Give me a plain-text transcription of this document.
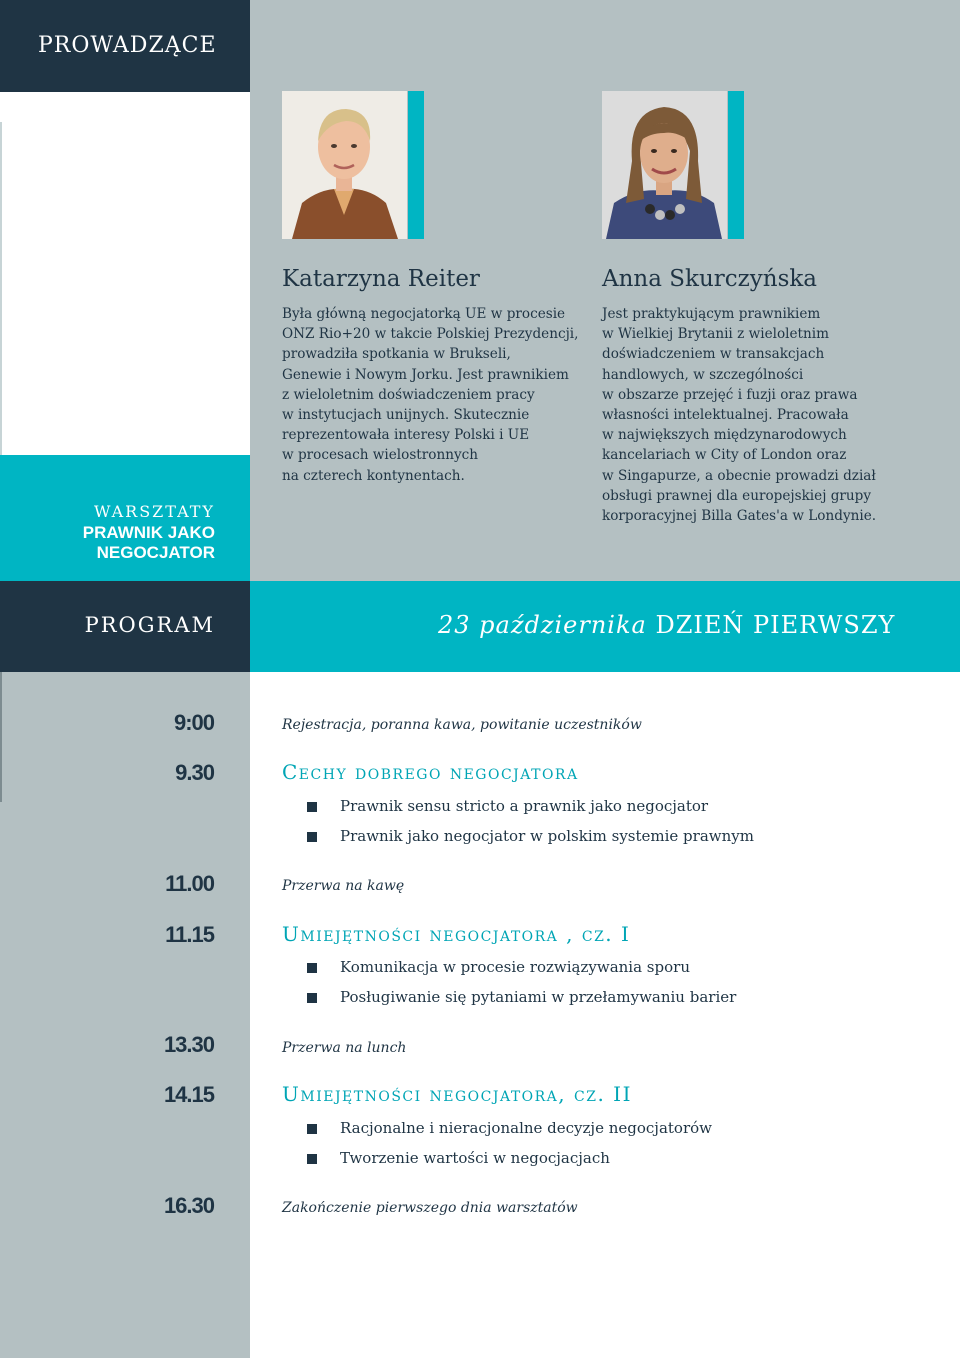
PROWADZĄCE
WARSZTATY
PRAWNIK JAKO NEGOCJATOR
Katarzyna Reiter
Była główną negocjatorką UE w procesie
ONZ Rio+20 w takcie Polskiej Prezydencji,
prowadziła spotkania w Brukseli,
Genewie i Nowym Jorku. Jest prawnikiem
z wieloletnim doświadczeniem pracy
w instytucjach unijnych. Skutecznie
reprezentowała interesy Polski i UE
w procesach wielostronnych
na czterech kontynentach.
Anna Skurczyńska
Jest praktykującym prawnikiem
w Wielkiej Brytanii z wieloletnim
doświadczeniem w transakcjach
handlowych, w szczególności
w obszarze przejęć i fuzji oraz prawa
własności intelektualnej. Pracowała
w największych międzynarodowych
kancelariach w City of London oraz
w Singapurze, a obecnie prowadzi dział
obsługi prawnej dla europejskiej grupy
korporacyjnej Billa Gates'a w Londynie.
PROGRAM	23 października DZIEŃ PIERWSZY
9:00
9.30
11.00
11.15
13.30
14.15
16.30
Rejestracja, poranna kawa, powitanie uczestników
Cechy dobrego negocjatora
Prawnik sensu stricto a prawnik jako negocjator
Prawnik jako negocjator w polskim systemie prawnym
Przerwa na kawę
Umiejętności negocjatora , cz. I
Komunikacja w procesie rozwiązywania sporu
Posługiwanie się pytaniami w przełamywaniu barier
Przerwa na lunch
Umiejętności negocjatora, cz. II
Racjonalne i nieracjonalne decyzje negocjatorów
Tworzenie wartości w negocjacjach
Zakończenie pierwszego dnia warsztatów
